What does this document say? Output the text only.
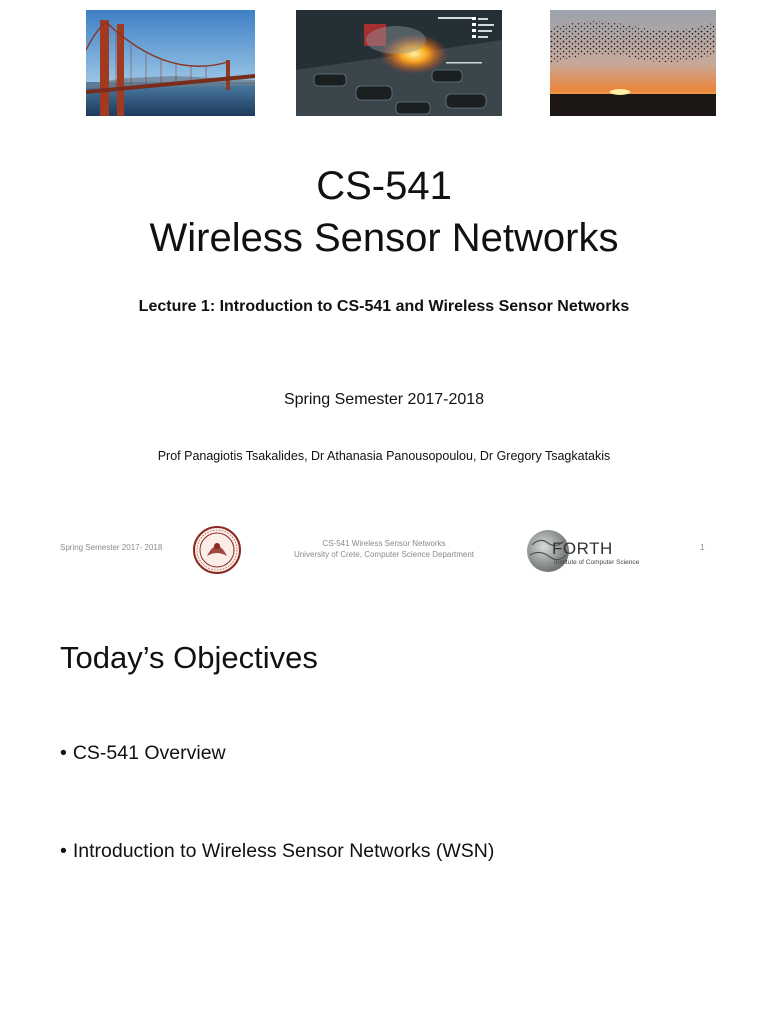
CS-541
Wireless Sensor Networks
Lecture 1: Introduction to CS-541 and Wireless Sensor Networks
Spring Semester 2017-2018
Prof Panagiotis Tsakalides, Dr Athanasia Panousopoulou, Dr Gregory Tsagkatakis
Spring Semester 2017- 2018	CS-541 Wireless Sensor Networks
University of Crete, Computer Science Department	FORTH
Institute of Computer Science
1
Today’s Objectives
• CS-541 Overview
• Introduction to Wireless Sensor Networks (WSN)
